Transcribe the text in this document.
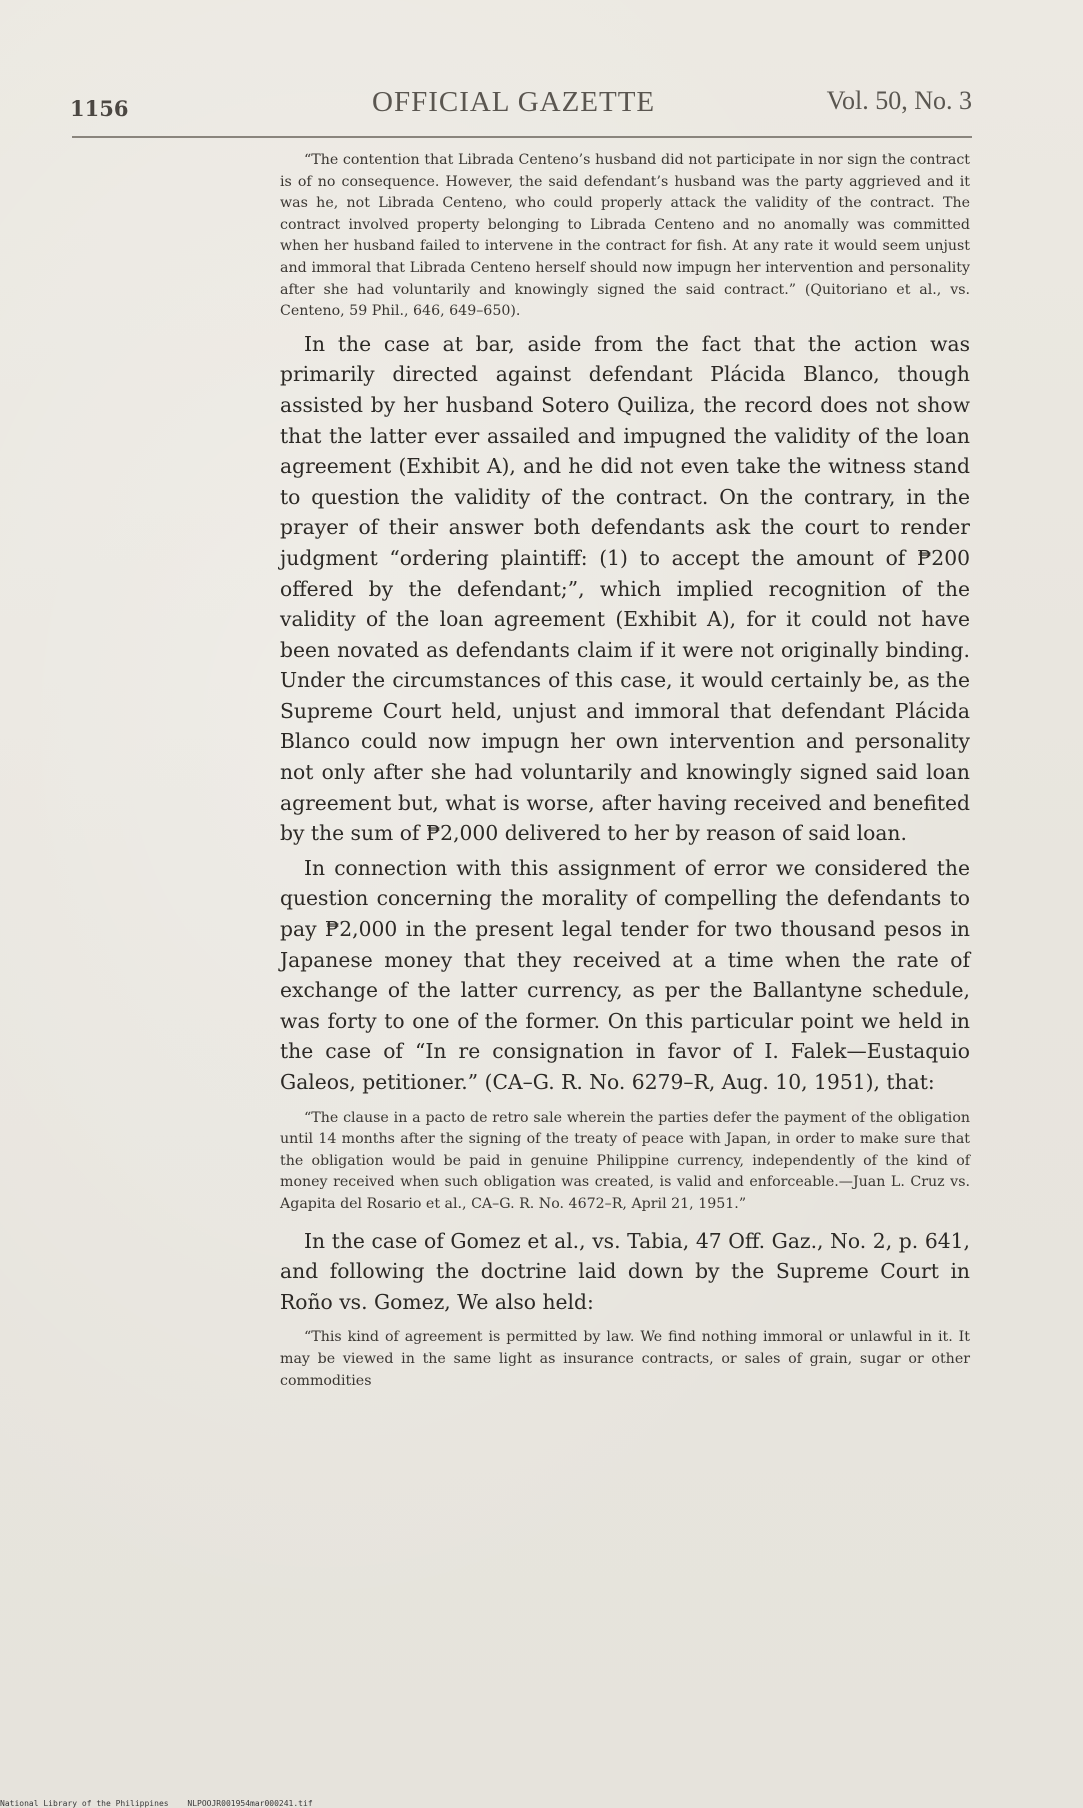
1156	OFFICIAL GAZETTE	Vol. 50, No. 3

“The contention that Librada Centeno’s husband did not participate in nor sign the contract is of no consequence. However, the said defendant’s husband was the party aggrieved and it was he, not Librada Centeno, who could properly attack the validity of the contract. The contract involved property belonging to Librada Centeno and no anomally was committed when her husband failed to intervene in the contract for fish. At any rate it would seem unjust and immoral that Librada Centeno herself should now impugn her intervention and personality after she had voluntarily and knowingly signed the said contract.” (Quitoriano et al., vs. Centeno, 59 Phil., 646, 649–650).

In the case at bar, aside from the fact that the action was primarily directed against defendant Plácida Blanco, though assisted by her husband Sotero Quiliza, the record does not show that the latter ever assailed and impugned the validity of the loan agreement (Exhibit A), and he did not even take the witness stand to question the validity of the contract. On the contrary, in the prayer of their answer both defendants ask the court to render judgment “ordering plaintiff: (1) to accept the amount of ₱200 offered by the defendant;”, which implied recognition of the validity of the loan agreement (Exhibit A), for it could not have been novated as defendants claim if it were not originally binding. Under the circumstances of this case, it would certainly be, as the Supreme Court held, unjust and immoral that defendant Plácida Blanco could now impugn her own intervention and personality not only after she had voluntarily and knowingly signed said loan agreement but, what is worse, after having received and benefited by the sum of ₱2,000 delivered to her by reason of said loan.

In connection with this assignment of error we considered the question concerning the morality of compelling the defendants to pay ₱2,000 in the present legal tender for two thousand pesos in Japanese money that they received at a time when the rate of exchange of the latter currency, as per the Ballantyne schedule, was forty to one of the former. On this particular point we held in the case of “In re consignation in favor of I. Falek—Eustaquio Galeos, petitioner.” (CA–G. R. No. 6279–R, Aug. 10, 1951), that:

“The clause in a pacto de retro sale wherein the parties defer the payment of the obligation until 14 months after the signing of the treaty of peace with Japan, in order to make sure that the obligation would be paid in genuine Philippine currency, independently of the kind of money received when such obligation was created, is valid and enforceable.—Juan L. Cruz vs. Agapita del Rosario et al., CA–G. R. No. 4672–R, April 21, 1951.”

In the case of Gomez et al., vs. Tabia, 47 Off. Gaz., No. 2, p. 641, and following the doctrine laid down by the Supreme Court in Roño vs. Gomez, We also held:

“This kind of agreement is permitted by law. We find nothing immoral or unlawful in it. It may be viewed in the same light as insurance contracts, or sales of grain, sugar or other commodities

National Library of the Philippines NLPOOJR001954mar000241.tif
